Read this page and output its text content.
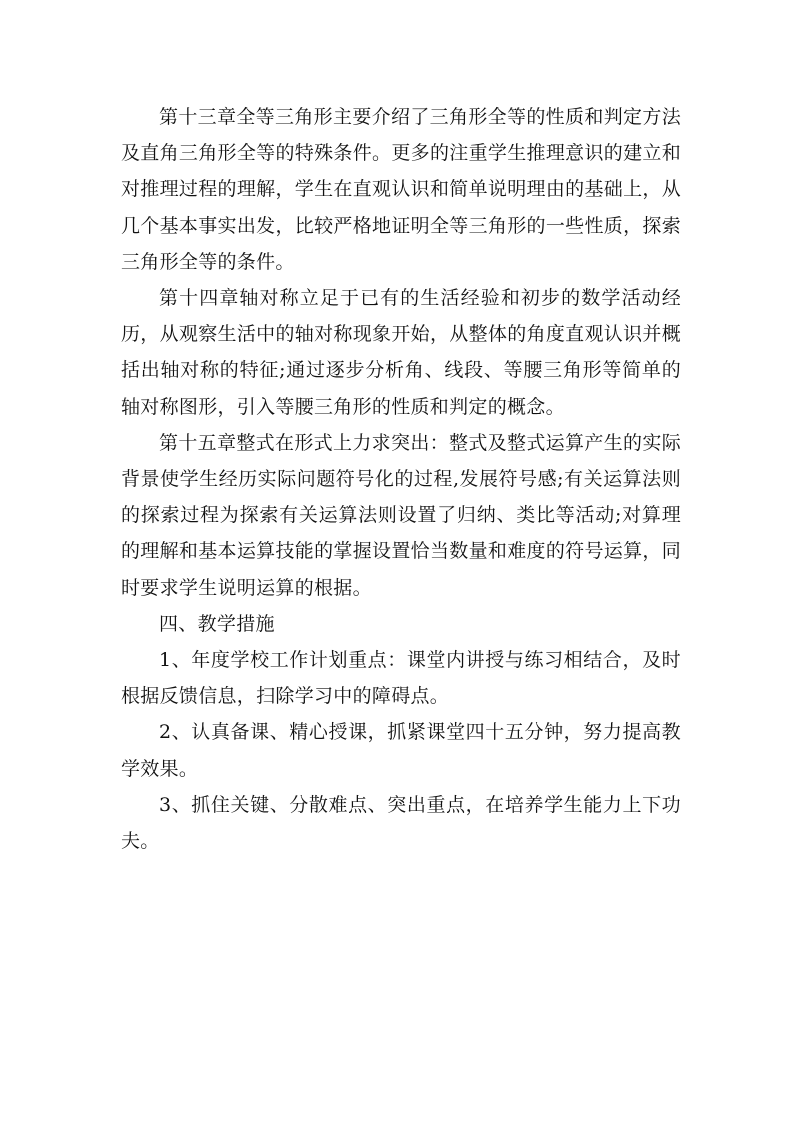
第十三章全等三角形主要介绍了三角形全等的性质和判定方法及直角三角形全等的特殊条件。更多的注重学生推理意识的建立和对推理过程的理解，学生在直观认识和简单说明理由的基础上，从几个基本事实出发，比较严格地证明全等三角形的一些性质，探索三角形全等的条件。

第十四章轴对称立足于已有的生活经验和初步的数学活动经历，从观察生活中的轴对称现象开始，从整体的角度直观认识并概括出轴对称的特征;通过逐步分析角、线段、等腰三角形等简单的轴对称图形，引入等腰三角形的性质和判定的概念。

第十五章整式在形式上力求突出：整式及整式运算产生的实际背景使学生经历实际问题符号化的过程,发展符号感;有关运算法则的探索过程为探索有关运算法则设置了归纳、类比等活动;对算理的理解和基本运算技能的掌握设置恰当数量和难度的符号运算，同时要求学生说明运算的根据。

四、教学措施

1、年度学校工作计划重点：课堂内讲授与练习相结合，及时根据反馈信息，扫除学习中的障碍点。

2、认真备课、精心授课，抓紧课堂四十五分钟，努力提高教学效果。

3、抓住关键、分散难点、突出重点，在培养学生能力上下功夫。
